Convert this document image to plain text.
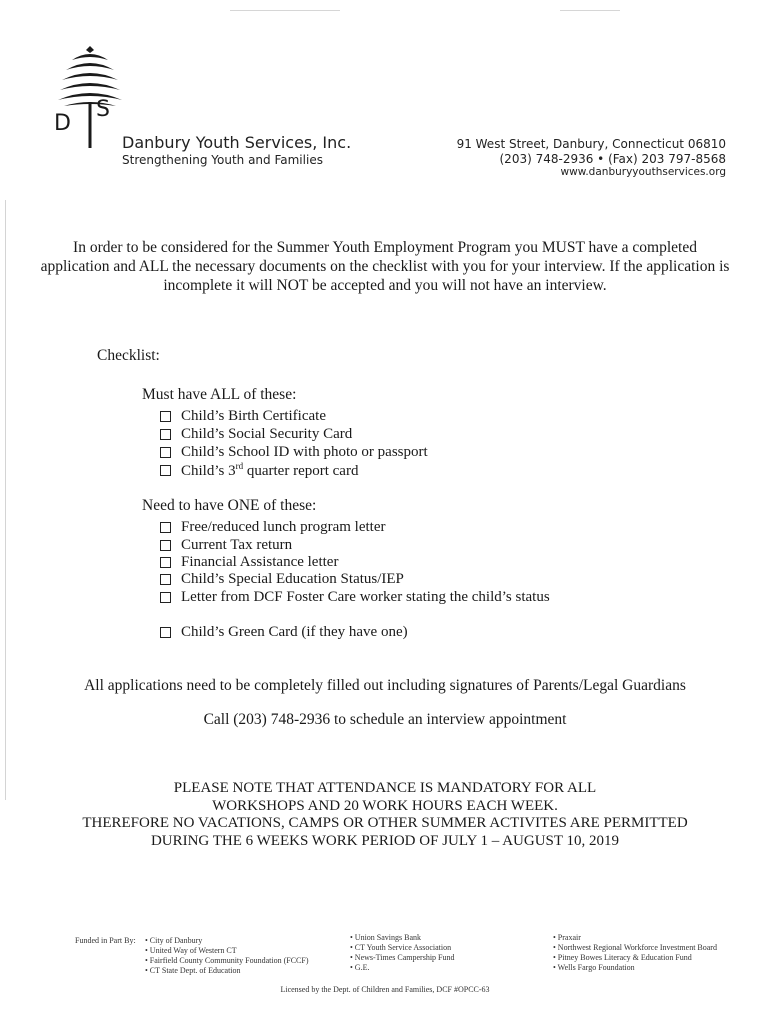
D
S
Danbury Youth Services, Inc.
Strengthening Youth and Families
91 West Street, Danbury, Connecticut 06810
(203) 748-2936 • (Fax) 203 797-8568
www.danburyyouthservices.org
In order to be considered for the Summer Youth Employment Program you MUST have a completed application and ALL the necessary documents on the checklist with you for your interview. If the application is incomplete it will NOT be accepted and you will not have an interview.
Checklist:
Must have ALL of these:
Child’s Birth Certificate
Child’s Social Security Card
Child’s School ID with photo or passport
Child’s 3rd quarter report card
Need to have ONE of these:
Free/reduced lunch program letter
Current Tax return
Financial Assistance letter
Child’s Special Education Status/IEP
Letter from DCF Foster Care worker stating the child’s status
Child’s Green Card (if they have one)
All applications need to be completely filled out including signatures of Parents/Legal Guardians
Call (203) 748-2936 to schedule an interview appointment
PLEASE NOTE THAT ATTENDANCE IS MANDATORY FOR ALL
WORKSHOPS AND 20 WORK HOURS EACH WEEK.
THEREFORE NO VACATIONS, CAMPS OR OTHER SUMMER ACTIVITES ARE PERMITTED
DURING THE 6 WEEKS WORK PERIOD OF JULY 1 – AUGUST 10, 2019
Funded in Part By: • City of Danbury
• United Way of Western CT
• Fairfield County Community Foundation (FCCF)
• CT State Dept. of Education
• Union Savings Bank
• CT Youth Service Association
• News-Times Campership Fund
• G.E.
• Praxair
• Northwest Regional Workforce Investment Board
• Pitney Bowes Literacy & Education Fund
• Wells Fargo Foundation
Licensed by the Dept. of Children and Families, DCF #OPCC-63
